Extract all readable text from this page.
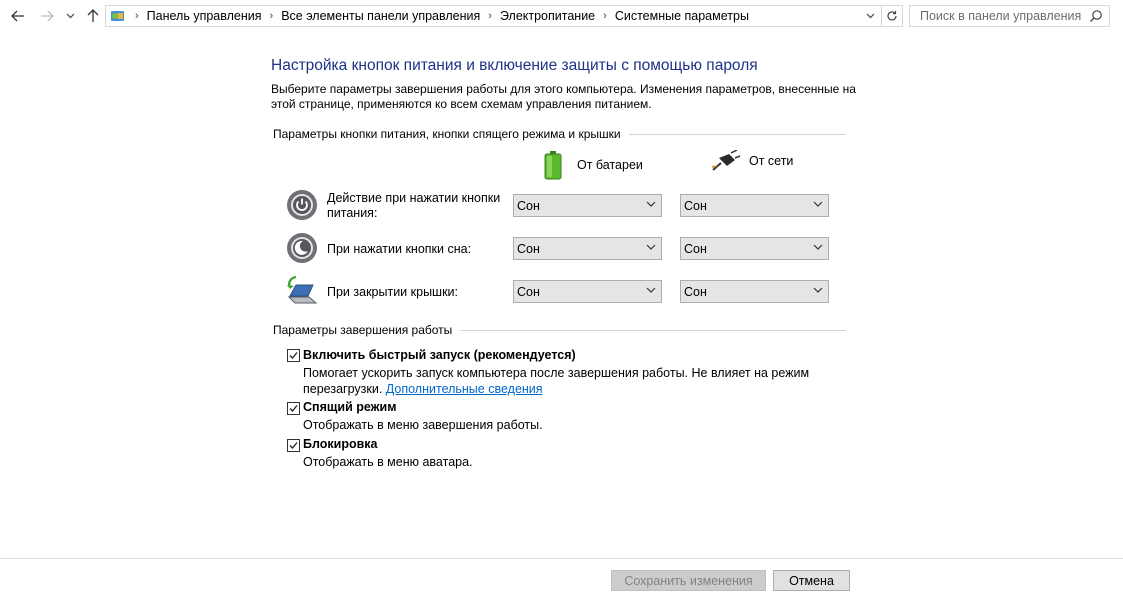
› Панель управления › Все элементы панели управления › Электропитание › Системные параметры
Поиск в панели управления
Настройка кнопок питания и включение защиты с помощью пароля
Выберите параметры завершения работы для этого компьютера. Изменения параметров, внесенные на этой странице, применяются ко всем схемам управления питанием.
Параметры кнопки питания, кнопки спящего режима и крышки
От батареи	От сети
Действие при нажатии кнопки питания:	Сон	Сон
При нажатии кнопки сна:	Сон	Сон
При закрытии крышки:	Сон	Сон
Параметры завершения работы
Включить быстрый запуск (рекомендуется)
Помогает ускорить запуск компьютера после завершения работы. Не влияет на режим
перезагрузки. Дополнительные сведения
Спящий режим
Отображать в меню завершения работы.
Блокировка
Отображать в меню аватара.
Сохранить изменения	Отмена
